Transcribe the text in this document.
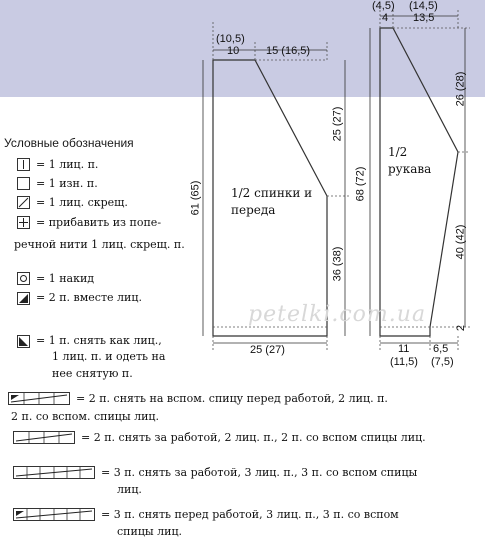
(10,5)
10 15 (16,5)
61 (65)
25 (27)
36 (38)
25 (27)
1/2 спинки и
переда
(4,5)
4
(14,5)
13,5
68 (72)
26 (28)
40 (42)
2
11
(11,5)
6,5
(7,5)
1/2
рукава
petelki.com.ua
Условные обозначения
= 1 лиц. п.
= 1 изн. п.
= 1 лиц. скрещ.
= прибавить из попе-
речной нити 1 лиц. скрещ. п.
= 1 накид
= 2 п. вместе лиц.
= 1 п. снять как лиц.,
1 лиц. п. и одеть на
нее снятую п.
= 2 п. снять на вспом. спицу перед работой, 2 лиц. п.
2 п. со вспом. спицы лиц.
= 2 п. снять за работой, 2 лиц. п., 2 п. со вспом спицы лиц.
= 3 п. снять за работой, 3 лиц. п., 3 п. со вспом спицы
лиц.
= 3 п. снять перед работой, 3 лиц. п., 3 п. со вспом
спицы лиц.
